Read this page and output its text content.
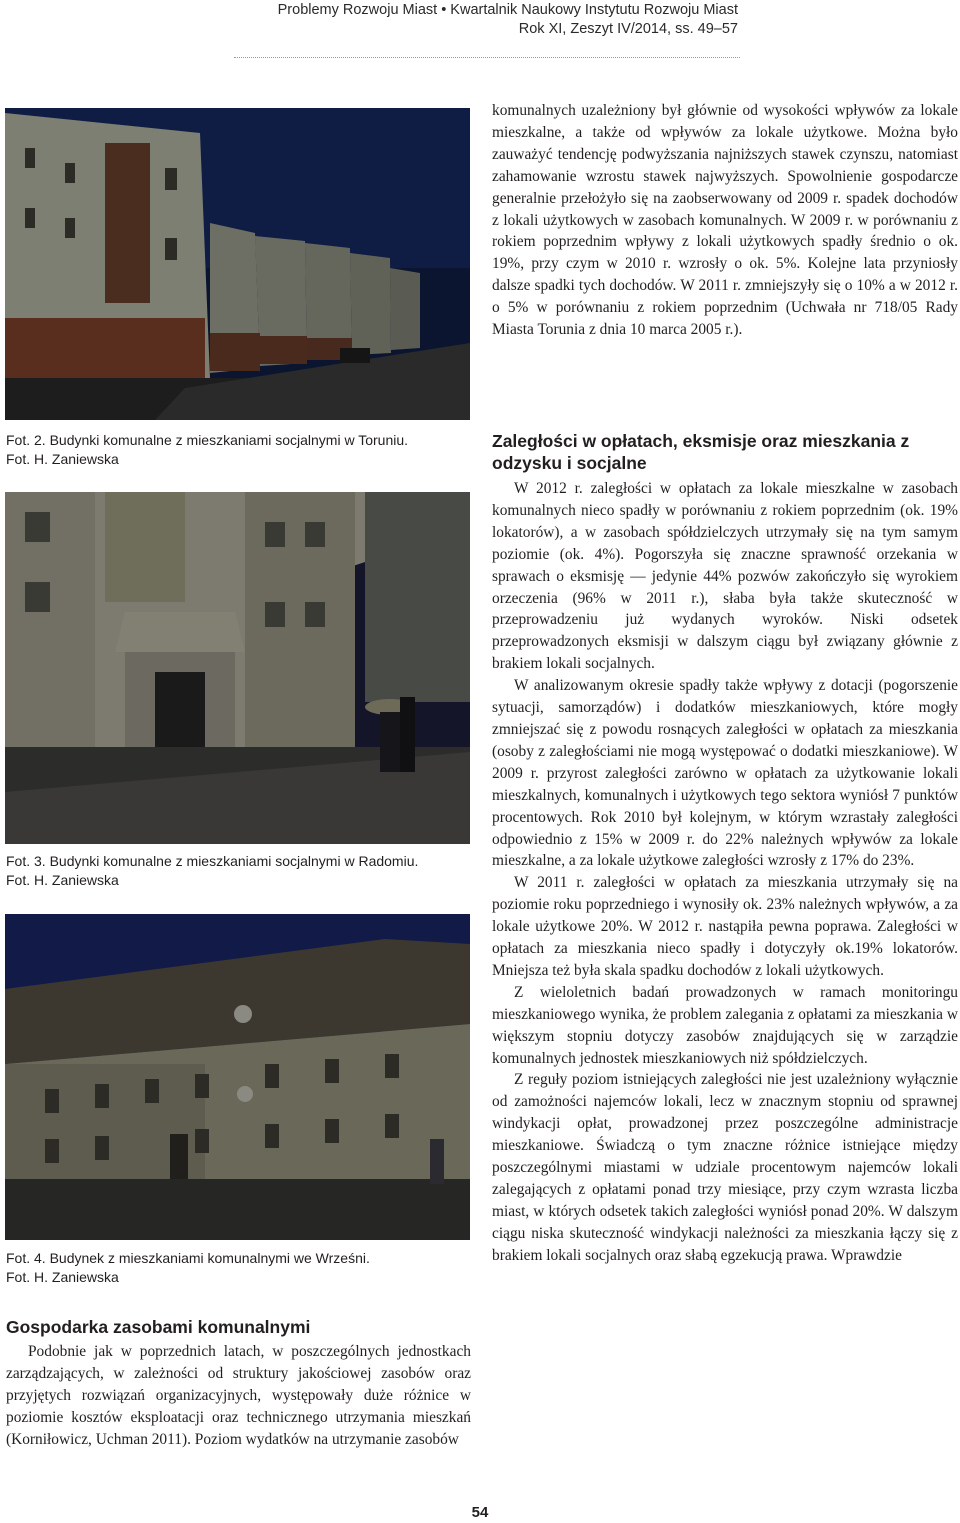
Problemy Rozwoju Miast • Kwartalnik Naukowy Instytutu Rozwoju Miast
Rok XI, Zeszyt IV/2014, ss. 49–57
Fot. 2. Budynki komunalne z mieszkaniami socjalnymi w Toruniu.
Fot. H. Zaniewska
Fot. 3. Budynki komunalne z mieszkaniami socjalnymi w Radomiu.
Fot. H. Zaniewska
Fot. 4. Budynek z mieszkaniami komunalnymi we Wrześni.
Fot. H. Zaniewska
Gospodarka zasobami komunalnymi

Podobnie jak w poprzednich latach, w poszczególnych jednostkach zarządzających, w zależności od struktury jakościowej zasobów oraz przyjętych rozwiązań organizacyjnych, występowały duże różnice w poziomie kosztów eksploatacji oraz technicznego utrzymania mieszkań (Korniłowicz, Uchman 2011). Poziom wydatków na utrzymanie zasobów

komunalnych uzależniony był głównie od wysokości wpływów za lokale mieszkalne, a także od wpływów za lokale użytkowe. Można było zauważyć tendencję podwyższania najniższych stawek czynszu, natomiast zahamowanie wzrostu stawek najwyższych. Spowolnienie gospodarcze generalnie przełożyło się na zaobserwowany od 2009 r. spadek dochodów z lokali użytkowych w zasobach komunalnych. W 2009 r. w porównaniu z rokiem poprzednim wpływy z lokali użytkowych spadły średnio o ok. 19%, przy czym w 2010 r. wzrosły o ok. 5%. Kolejne lata przyniosły dalsze spadki tych dochodów. W 2011 r. zmniejszyły się o 10% a w 2012 r. o 5% w porównaniu z rokiem poprzednim (Uchwała nr 718/05 Rady Miasta Torunia z dnia 10 marca 2005 r.).

Zaległości w opłatach, eksmisje oraz mieszkania z odzysku i socjalne

W 2012 r. zaległości w opłatach za lokale mieszkalne w zasobach komunalnych nieco spadły w porównaniu z rokiem poprzednim (ok. 19% lokatorów), a w zasobach spółdzielczych utrzymały się na tym samym poziomie (ok. 4%). Pogorszyła się znaczne sprawność orzekania w sprawach o eksmisję — jedynie 44% pozwów zakończyło się wyrokiem orzeczenia (96% w 2011 r.), słaba była także skuteczność w przeprowadzeniu już wydanych wyroków. Niski odsetek przeprowadzonych eksmisji w dalszym ciągu był związany głównie z brakiem lokali socjalnych.

W analizowanym okresie spadły także wpływy z dotacji (pogorszenie sytuacji, samorządów) i dodatków mieszkaniowych, które mogły zmniejszać się z powodu rosnących zaległości w opłatach za mieszkania (osoby z zaległościami nie mogą występować o dodatki mieszkaniowe). W 2009 r. przyrost zaległości zarówno w opłatach za użytkowanie lokali mieszkalnych, komunalnych i użytkowych tego sektora wyniósł 7 punktów procentowych. Rok 2010 był kolejnym, w którym wzrastały zaległości odpowiednio z 15% w 2009 r. do 22% należnych wpływów za lokale mieszkalne, a za lokale użytkowe zaległości wzrosły z 17% do 23%.

W 2011 r. zaległości w opłatach za mieszkania utrzymały się na poziomie roku poprzedniego i wynosiły ok. 23% należnych wpływów, a za lokale użytkowe 20%. W 2012 r. nastąpiła pewna poprawa. Zaległości w opłatach za mieszkania nieco spadły i dotyczyły ok.19% lokatorów. Mniejsza też była skala spadku dochodów z lokali użytkowych.

Z wieloletnich badań prowadzonych w ramach monitoringu mieszkaniowego wynika, że problem zalegania z opłatami za mieszkania w większym stopniu dotyczy zasobów znajdujących się w zarządzie komunalnych jednostek mieszkaniowych niż spółdzielczych.

Z reguły poziom istniejących zaległości nie jest uzależniony wyłącznie od zamożności najemców lokali, lecz w znacznym stopniu od sprawnej windykacji opłat, prowadzonej przez poszczególne administracje mieszkaniowe. Świadczą o tym znaczne różnice istniejące między poszczególnymi miastami w udziale procentowym najemców lokali zalegających z opłatami ponad trzy miesiące, przy czym wzrasta liczba miast, w których odsetek takich zaległości wyniósł ponad 20%. W dalszym ciągu niska skuteczność windykacji należności za mieszkania łączy się z brakiem lokali socjalnych oraz słabą egzekucją prawa. Wprawdzie

54
